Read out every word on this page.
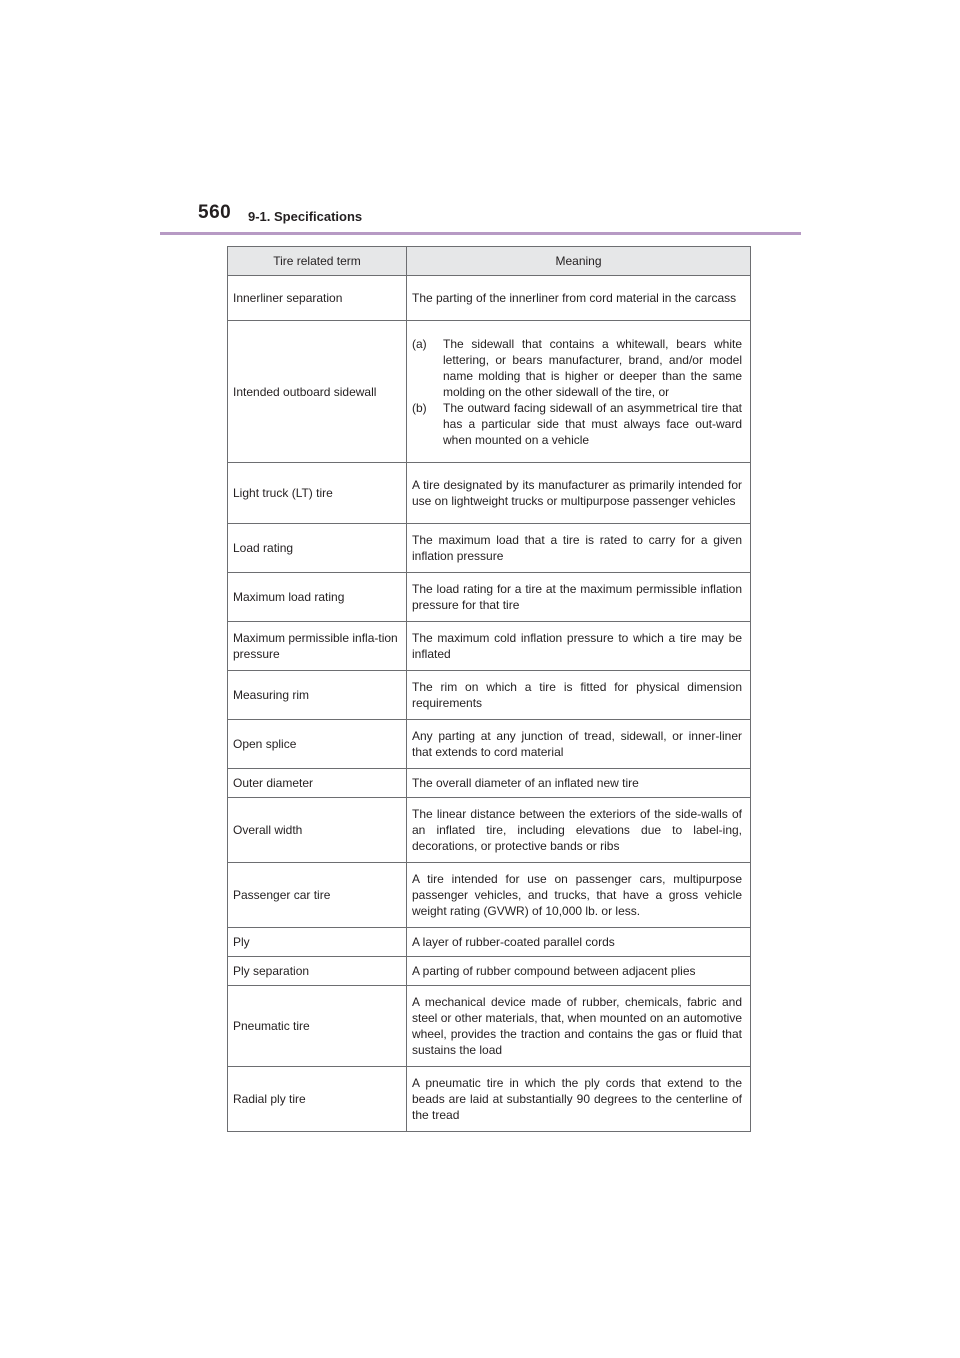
560 9-1. Specifications
Tire related term	Meaning
Innerliner separation	The parting of the innerliner from cord material in the carcass
Intended outboard sidewall	(a) The sidewall that contains a whitewall, bears white lettering, or bears manufacturer, brand, and/or model name molding that is higher or deeper than the same molding on the other sidewall of the tire, or
(b) The outward facing sidewall of an asymmetrical tire that has a particular side that must always face out-ward when mounted on a vehicle

Light truck (LT) tire	A tire designated by its manufacturer as primarily intended for use on lightweight trucks or multipurpose passenger vehicles
Load rating	The maximum load that a tire is rated to carry for a given inflation pressure
Maximum load rating	The load rating for a tire at the maximum permissible inflation pressure for that tire
Maximum permissible infla-tion pressure	The maximum cold inflation pressure to which a tire may be inflated
Measuring rim	The rim on which a tire is fitted for physical dimension requirements
Open splice	Any parting at any junction of tread, sidewall, or inner-liner that extends to cord material
Outer diameter	The overall diameter of an inflated new tire
Overall width	The linear distance between the exteriors of the side-walls of an inflated tire, including elevations due to label-ing, decorations, or protective bands or ribs
Passenger car tire	A tire intended for use on passenger cars, multipurpose passenger vehicles, and trucks, that have a gross vehicle weight rating (GVWR) of 10,000 lb. or less.
Ply	A layer of rubber-coated parallel cords
Ply separation	A parting of rubber compound between adjacent plies
Pneumatic tire	A mechanical device made of rubber, chemicals, fabric and steel or other materials, that, when mounted on an automotive wheel, provides the traction and contains the gas or fluid that sustains the load
Radial ply tire	A pneumatic tire in which the ply cords that extend to the beads are laid at substantially 90 degrees to the centerline of the tread
